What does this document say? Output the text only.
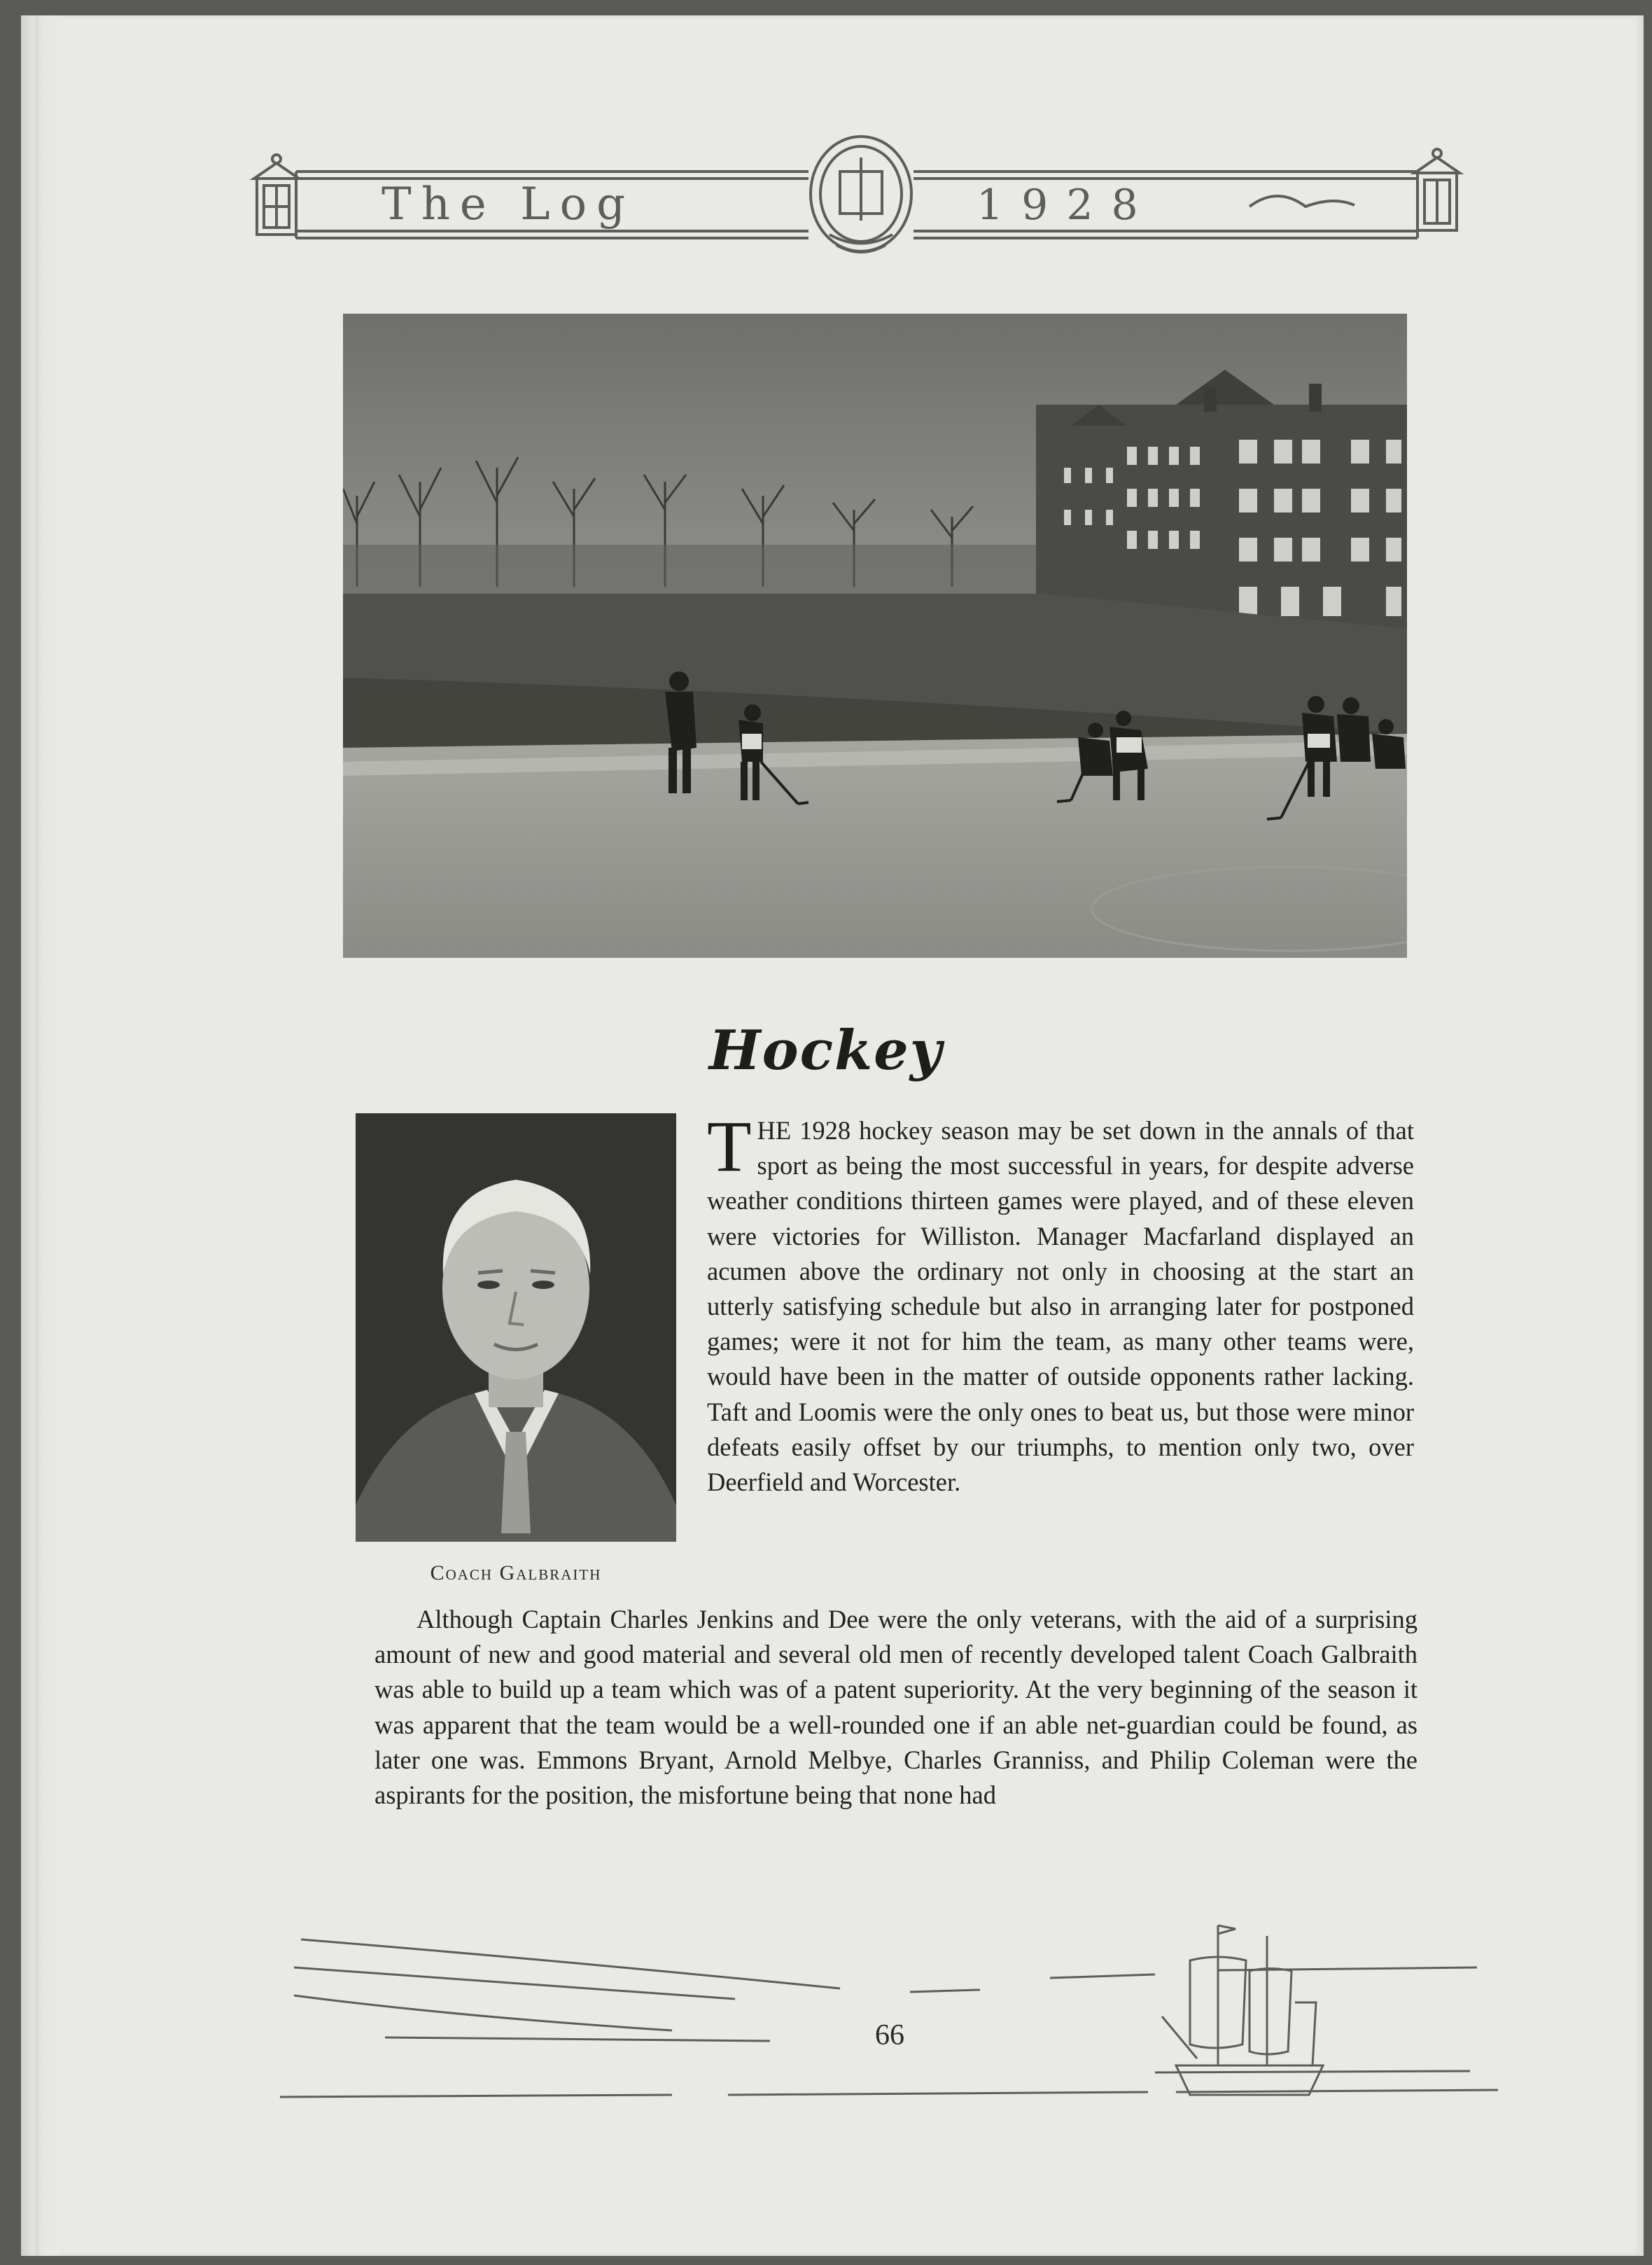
The Log	1928
Hockey
Coach Galbraith
THE 1928 hockey season may be set down in the annals of that sport as being the most successful in years, for despite adverse weather conditions thirteen games were played, and of these eleven were victories for Williston. Manager Macfarland displayed an acumen above the ordinary not only in choosing at the start an utterly satisfying schedule but also in arranging later for postponed games; were it not for him the team, as many other teams were, would have been in the matter of outside opponents rather lacking. Taft and Loomis were the only ones to beat us, but those were minor defeats easily offset by our triumphs, to mention only two, over Deerfield and Worcester.

Although Captain Charles Jenkins and Dee were the only veterans, with the aid of a surprising amount of new and good material and several old men of recently developed talent Coach Galbraith was able to build up a team which was of a patent superiority. At the very beginning of the season it was apparent that the team would be a well-rounded one if an able net-guardian could be found, as later one was. Emmons Bryant, Arnold Melbye, Charles Granniss, and Philip Coleman were the aspirants for the position, the misfortune being that none had

66
